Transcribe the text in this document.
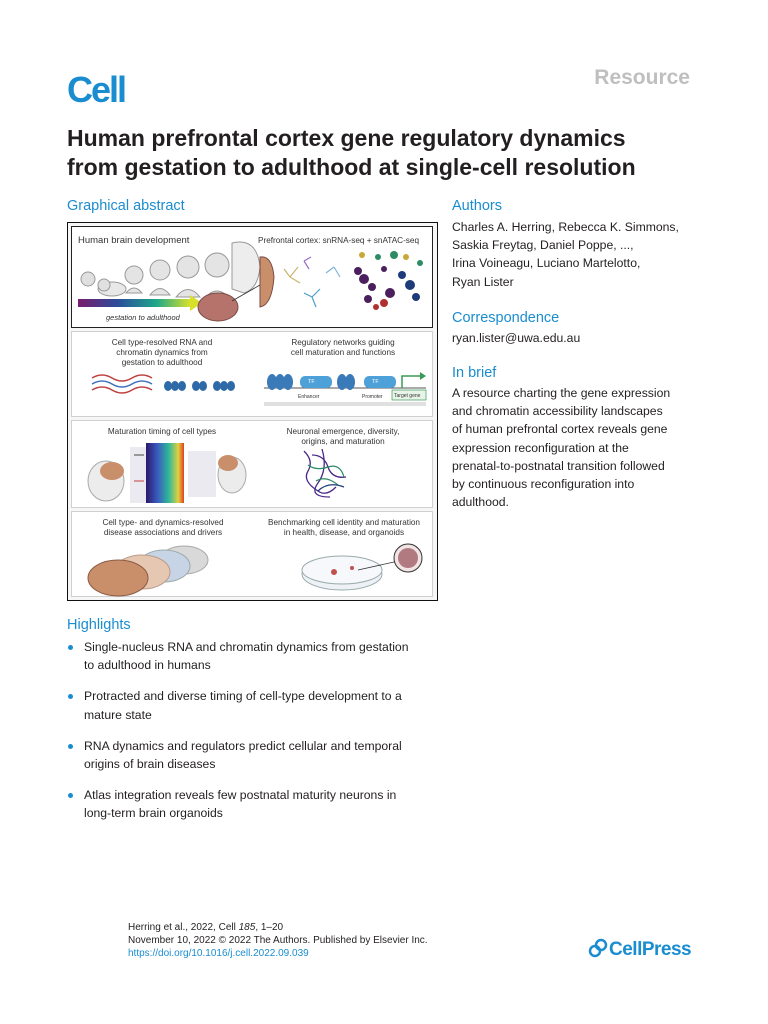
Cell	Resource
Human prefrontal cortex gene regulatory dynamics
from gestation to adulthood at single-cell resolution
Graphical abstract
Human brain development	Prefrontal cortex: snRNA-seq + snATAC-seq
gestation to adulthood
Cell type-resolved RNA and
chromatin dynamics from
gestation to adulthood
Regulatory networks guiding
cell maturation and functions
TF	TF
Enhancer	Promoter Target gene
Maturation timing of cell types	Neuronal emergence, diversity,
origins, and maturation
Cell type- and dynamics-resolved
disease associations and drivers
Benchmarking cell identity and maturation
in health, disease, and organoids
Highlights
Single-nucleus RNA and chromatin dynamics from gestation
to adulthood in humans
Protracted and diverse timing of cell-type development to a
mature state
RNA dynamics and regulators predict cellular and temporal
origins of brain diseases
Atlas integration reveals few postnatal maturity neurons in
long-term brain organoids
Authors
Charles A. Herring, Rebecca K. Simmons,
Saskia Freytag, Daniel Poppe, ...,
Irina Voineagu, Luciano Martelotto,
Ryan Lister
Correspondence
ryan.lister@uwa.edu.au
In brief
A resource charting the gene expression
and chromatin accessibility landscapes
of human prefrontal cortex reveals gene
expression reconfiguration at the
prenatal-to-postnatal transition followed
by continuous reconfiguration into
adulthood.
Herring et al., 2022, Cell 185, 1–20
November 10, 2022 © 2022 The Authors. Published by Elsevier Inc.
https://doi.org/10.1016/j.cell.2022.09.039	CellPress
